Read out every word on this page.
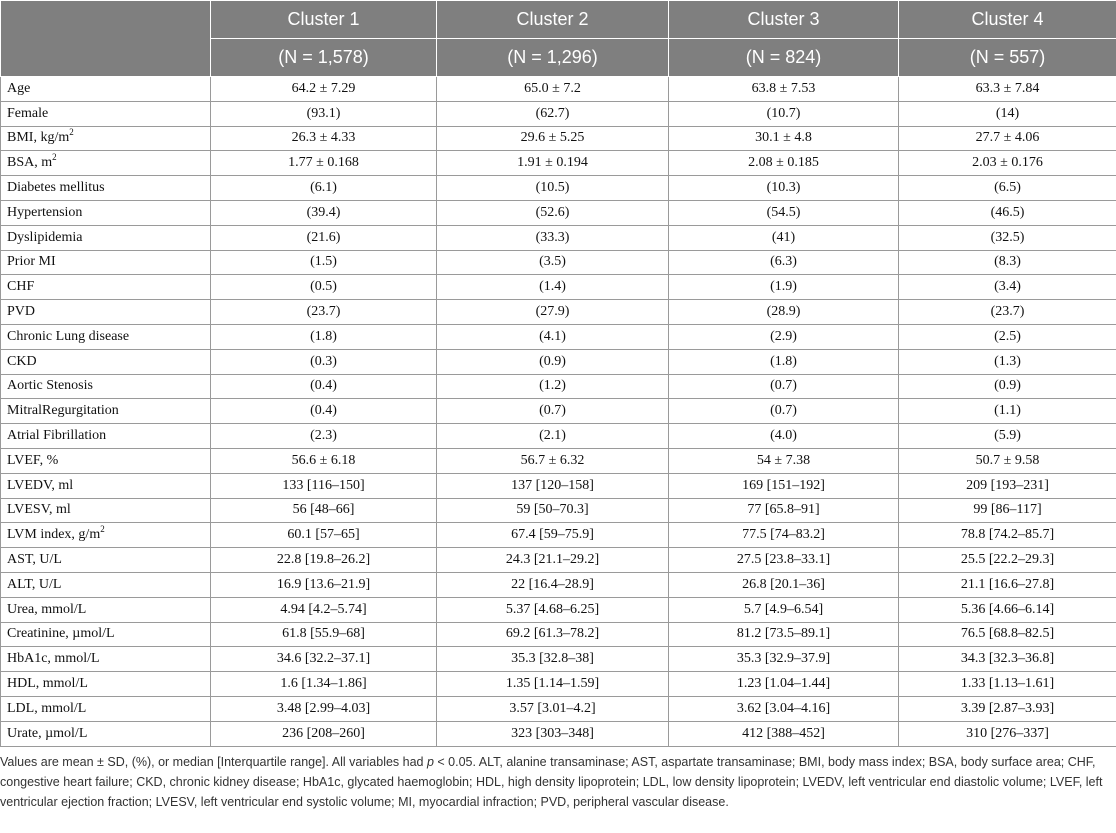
	Cluster 1	Cluster 2	Cluster 3	Cluster 4
	(N = 1,578)	(N = 1,296)	(N = 824)	(N = 557)
Age	64.2 ± 7.29	65.0 ± 7.2	63.8 ± 7.53	63.3 ± 7.84
Female	(93.1)	(62.7)	(10.7)	(14)
BMI, $kg/m^2$	26.3 ± 4.33	29.6 ± 5.25	30.1 ± 4.8	27.7 ± 4.06
BSA, $m^2$	1.77 ± 0.168	1.91 ± 0.194	2.08 ± 0.185	2.03 ± 0.176
Diabetes mellitus	(6.1)	(10.5)	(10.3)	(6.5)
Hypertension	(39.4)	(52.6)	(54.5)	(46.5)
Dyslipidemia	(21.6)	(33.3)	(41)	(32.5)
Prior MI	(1.5)	(3.5)	(6.3)	(8.3)
CHF	(0.5)	(1.4)	(1.9)	(3.4)
PVD	(23.7)	(27.9)	(28.9)	(23.7)
Chronic Lung disease	(1.8)	(4.1)	(2.9)	(2.5)
CKD	(0.3)	(0.9)	(1.8)	(1.3)
Aortic Stenosis	(0.4)	(1.2)	(0.7)	(0.9)
MitralRegurgitation	(0.4)	(0.7)	(0.7)	(1.1)
Atrial Fibrillation	(2.3)	(2.1)	(4.0)	(5.9)
LVEF, %	56.6 ± 6.18	56.7 ± 6.32	54 ± 7.38	50.7 ± 9.58
LVEDV, ml	133 [116–150]	137 [120–158]	169 [151–192]	209 [193–231]
LVESV, ml	56 [48–66]	59 [50–70.3]	77 [65.8–91]	99 [86–117]
LVM index, $g/m^2$	60.1 [57–65]	67.4 [59–75.9]	77.5 [74–83.2]	78.8 [74.2–85.7]
AST, U/L	22.8 [19.8–26.2]	24.3 [21.1–29.2]	27.5 [23.8–33.1]	25.5 [22.2–29.3]
ALT, U/L	16.9 [13.6–21.9]	22 [16.4–28.9]	26.8 [20.1–36]	21.1 [16.6–27.8]
Urea, mmol/L	4.94 [4.2–5.74]	5.37 [4.68–6.25]	5.7 [4.9–6.54]	5.36 [4.66–6.14]
Creatinine, µmol/L	61.8 [55.9–68]	69.2 [61.3–78.2]	81.2 [73.5–89.1]	76.5 [68.8–82.5]
HbA1c, mmol/L	34.6 [32.2–37.1]	35.3 [32.8–38]	35.3 [32.9–37.9]	34.3 [32.3–36.8]
HDL, mmol/L	1.6 [1.34–1.86]	1.35 [1.14–1.59]	1.23 [1.04–1.44]	1.33 [1.13–1.61]
LDL, mmol/L	3.48 [2.99–4.03]	3.57 [3.01–4.2]	3.62 [3.04–4.16]	3.39 [2.87–3.93]
Urate, µmol/L	236 [208–260]	323 [303–348]	412 [388–452]	310 [276–337]
Values are mean ± SD, (%), or median [Interquartile range]. All variables had p < 0.05. ALT, alanine transaminase; AST, aspartate transaminase; BMI, body mass index; BSA, body surface area; CHF, congestive heart failure; CKD, chronic kidney disease; HbA1c, glycated haemoglobin; HDL, high density lipoprotein; LDL, low density lipoprotein; LVEDV, left ventricular end diastolic volume; LVEF, left ventricular ejection fraction; LVESV, left ventricular end systolic volume; MI, myocardial infraction; PVD, peripheral vascular disease.
